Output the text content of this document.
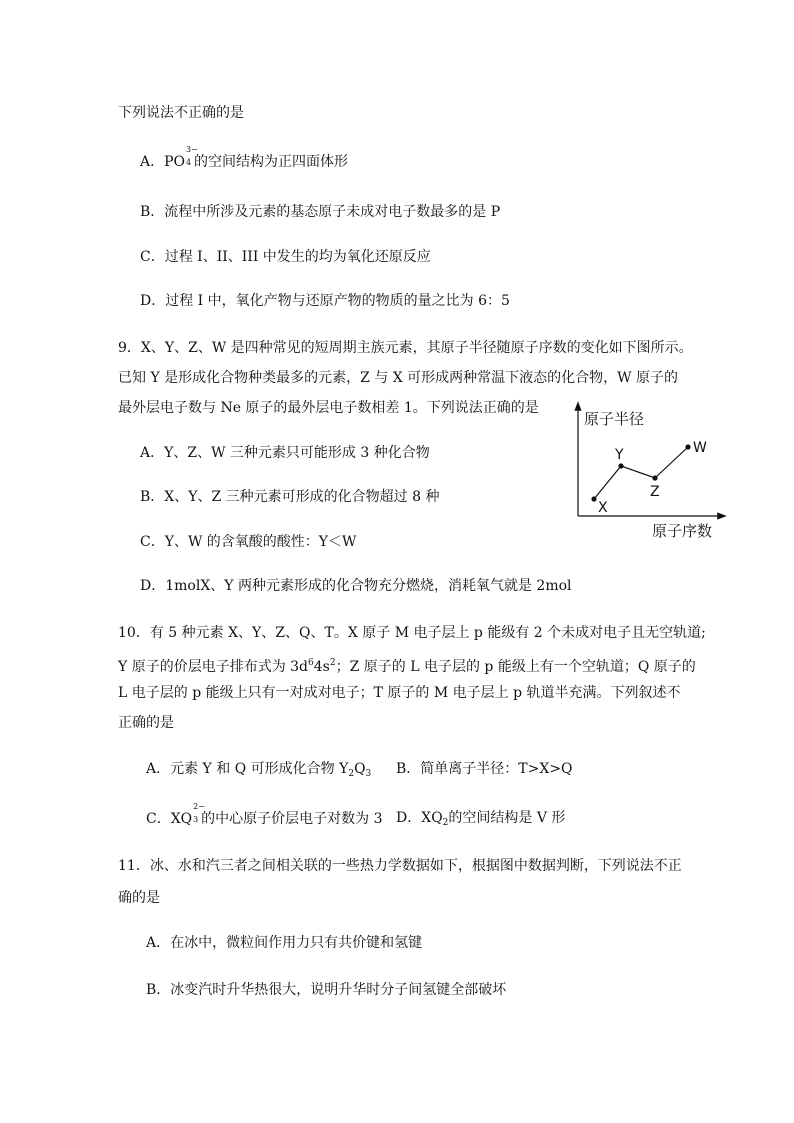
下列说法不正确的是
A．PO
3−
4 的空间结构为正四面体形
B．流程中所涉及元素的基态原子未成对电子数最多的是 P
C．过程 I、II、III 中发生的均为氧化还原反应
D．过程 I 中，氧化产物与还原产物的物质的量之比为 6：5
9．X、Y、Z、W 是四种常见的短周期主族元素，其原子半径随原子序数的变化如下图所示。
已知 Y 是形成化合物种类最多的元素，Z 与 X 可形成两种常温下液态的化合物，W 原子的
最外层电子数与 Ne 原子的最外层电子数相差 1。下列说法正确的是
A．Y、Z、W 三种元素只可能形成 3 种化合物
B．X、Y、Z 三种元素可形成的化合物超过 8 种
C．Y、W 的含氧酸的酸性：Y＜W
D．1molX、Y 两种元素形成的化合物充分燃烧，消耗氧气就是 2mol
原子半径
原子序数
X
Y
Z
W
10．有 5 种元素 X、Y、Z、Q、T。X 原子 M 电子层上 p 能级有 2 个未成对电子且无空轨道;
Y 原子的价层电子排布式为 $3d^64s^2$；Z 原子的 L 电子层的 p 能级上有一个空轨道；Q 原子的
L 电子层的 p 能级上只有一对成对电子；T 原子的 M 电子层上 p 轨道半充满。下列叙述不
正确的是
A．元素 Y 和 Q 可形成化合物 $Y_2Q_3$ B．简单离子半径：T>X>Q
C．XQ
2−
3 的中心原子价层电子对数为 3 D．$XQ_2$的空间结构是 V 形
11．冰、水和汽三者之间相关联的一些热力学数据如下，根据图中数据判断，下列说法不正
确的是
A．在冰中，微粒间作用力只有共价键和氢键
B．冰变汽时升华热很大，说明升华时分子间氢键全部破坏
